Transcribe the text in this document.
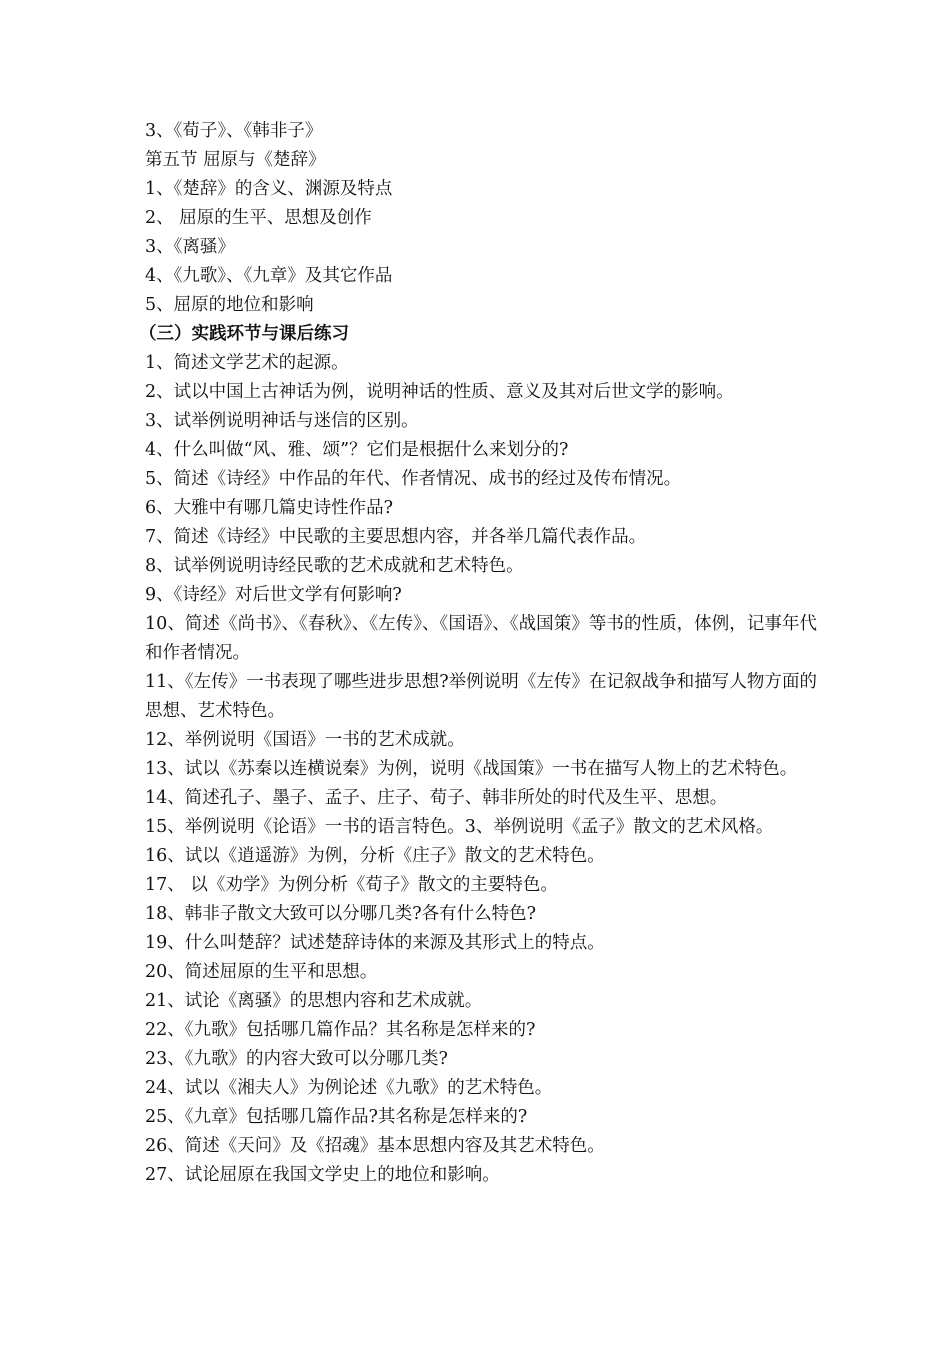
3、《荀子》、《韩非子》
第五节 屈原与《楚辞》
1、《楚辞》的含义、渊源及特点
2、 屈原的生平、思想及创作
3、《离骚》
4、《九歌》、《九章》及其它作品
5、屈原的地位和影响
（三）实践环节与课后练习
1、简述文学艺术的起源。
2、试以中国上古神话为例，说明神话的性质、意义及其对后世文学的影响。
3、试举例说明神话与迷信的区别。
4、什么叫做“风、雅、颂”？它们是根据什么来划分的?
5、简述《诗经》中作品的年代、作者情况、成书的经过及传布情况。
6、大雅中有哪几篇史诗性作品?
7、简述《诗经》中民歌的主要思想内容，并各举几篇代表作品。
8、试举例说明诗经民歌的艺术成就和艺术特色。
9、《诗经》对后世文学有何影响?
10、简述《尚书》、《春秋》、《左传》、《国语》、《战国策》等书的性质，体例，记事年代和作者情况。
11、《左传》一书表现了哪些进步思想?举例说明《左传》在记叙战争和描写人物方面的思想、艺术特色。
12、举例说明《国语》一书的艺术成就。
13、试以《苏秦以连横说秦》为例，说明《战国策》一书在描写人物上的艺术特色。
14、简述孔子、墨子、孟子、庄子、荀子、韩非所处的时代及生平、思想。
15、举例说明《论语》一书的语言特色。3、举例说明《孟子》散文的艺术风格。
16、试以《逍遥游》为例，分析《庄子》散文的艺术特色。
17、 以《劝学》为例分析《荀子》散文的主要特色。
18、韩非子散文大致可以分哪几类?各有什么特色?
19、什么叫楚辞？试述楚辞诗体的来源及其形式上的特点。
20、简述屈原的生平和思想。
21、试论《离骚》的思想内容和艺术成就。
22、《九歌》包括哪几篇作品？其名称是怎样来的?
23、《九歌》的内容大致可以分哪几类?
24、试以《湘夫人》为例论述《九歌》的艺术特色。
25、《九章》包括哪几篇作品?其名称是怎样来的?
26、简述《天问》及《招魂》基本思想内容及其艺术特色。
27、试论屈原在我国文学史上的地位和影响。
